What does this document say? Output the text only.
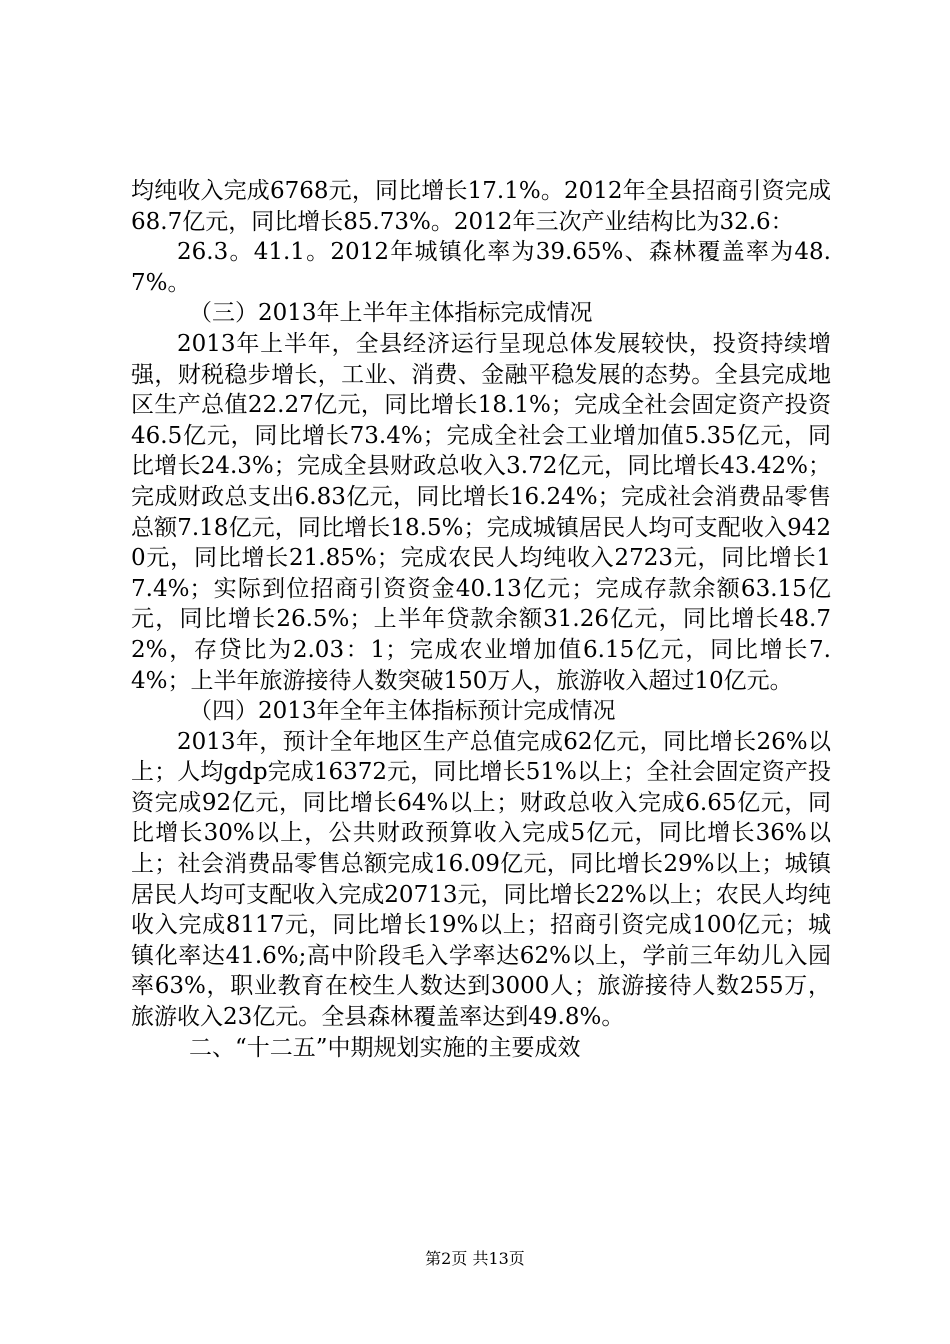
均纯收入完成6768元，同比增长17.1%。2012年全县招商引资完成68.7亿元，同比增长85.73%。2012年三次产业结构比为32.6：

26.3。41.1。2012年城镇化率为39.65%、森林覆盖率为48.7%。

（三）2013年上半年主体指标完成情况

2013年上半年，全县经济运行呈现总体发展较快，投资持续增强，财税稳步增长，工业、消费、金融平稳发展的态势。全县完成地区生产总值22.27亿元，同比增长18.1%；完成全社会固定资产投资46.5亿元，同比增长73.4%；完成全社会工业增加值5.35亿元，同比增长24.3%；完成全县财政总收入3.72亿元，同比增长43.42%；完成财政总支出6.83亿元，同比增长16.24%；完成社会消费品零售总额7.18亿元，同比增长18.5%；完成城镇居民人均可支配收入9420元，同比增长21.85%；完成农民人均纯收入2723元，同比增长17.4%；实际到位招商引资资金40.13亿元；完成存款余额63.15亿元，同比增长26.5%；上半年贷款余额31.26亿元，同比增长48.72%，存贷比为2.03：1；完成农业增加值6.15亿元，同比增长7.4%；上半年旅游接待人数突破150万人，旅游收入超过10亿元。

（四）2013年全年主体指标预计完成情况

2013年，预计全年地区生产总值完成62亿元，同比增长26%以上；人均gdp完成16372元，同比增长51%以上；全社会固定资产投资完成92亿元，同比增长64%以上；财政总收入完成6.65亿元，同比增长30%以上，公共财政预算收入完成5亿元，同比增长36%以上；社会消费品零售总额完成16.09亿元，同比增长29%以上；城镇居民人均可支配收入完成20713元，同比增长22%以上；农民人均纯收入完成8117元，同比增长19%以上；招商引资完成100亿元；城镇化率达41.6%;高中阶段毛入学率达62%以上，学前三年幼儿入园率63%，职业教育在校生人数达到3000人；旅游接待人数255万，旅游收入23亿元。全县森林覆盖率达到49.8%。

二、“十二五”中期规划实施的主要成效

第2页 共13页
